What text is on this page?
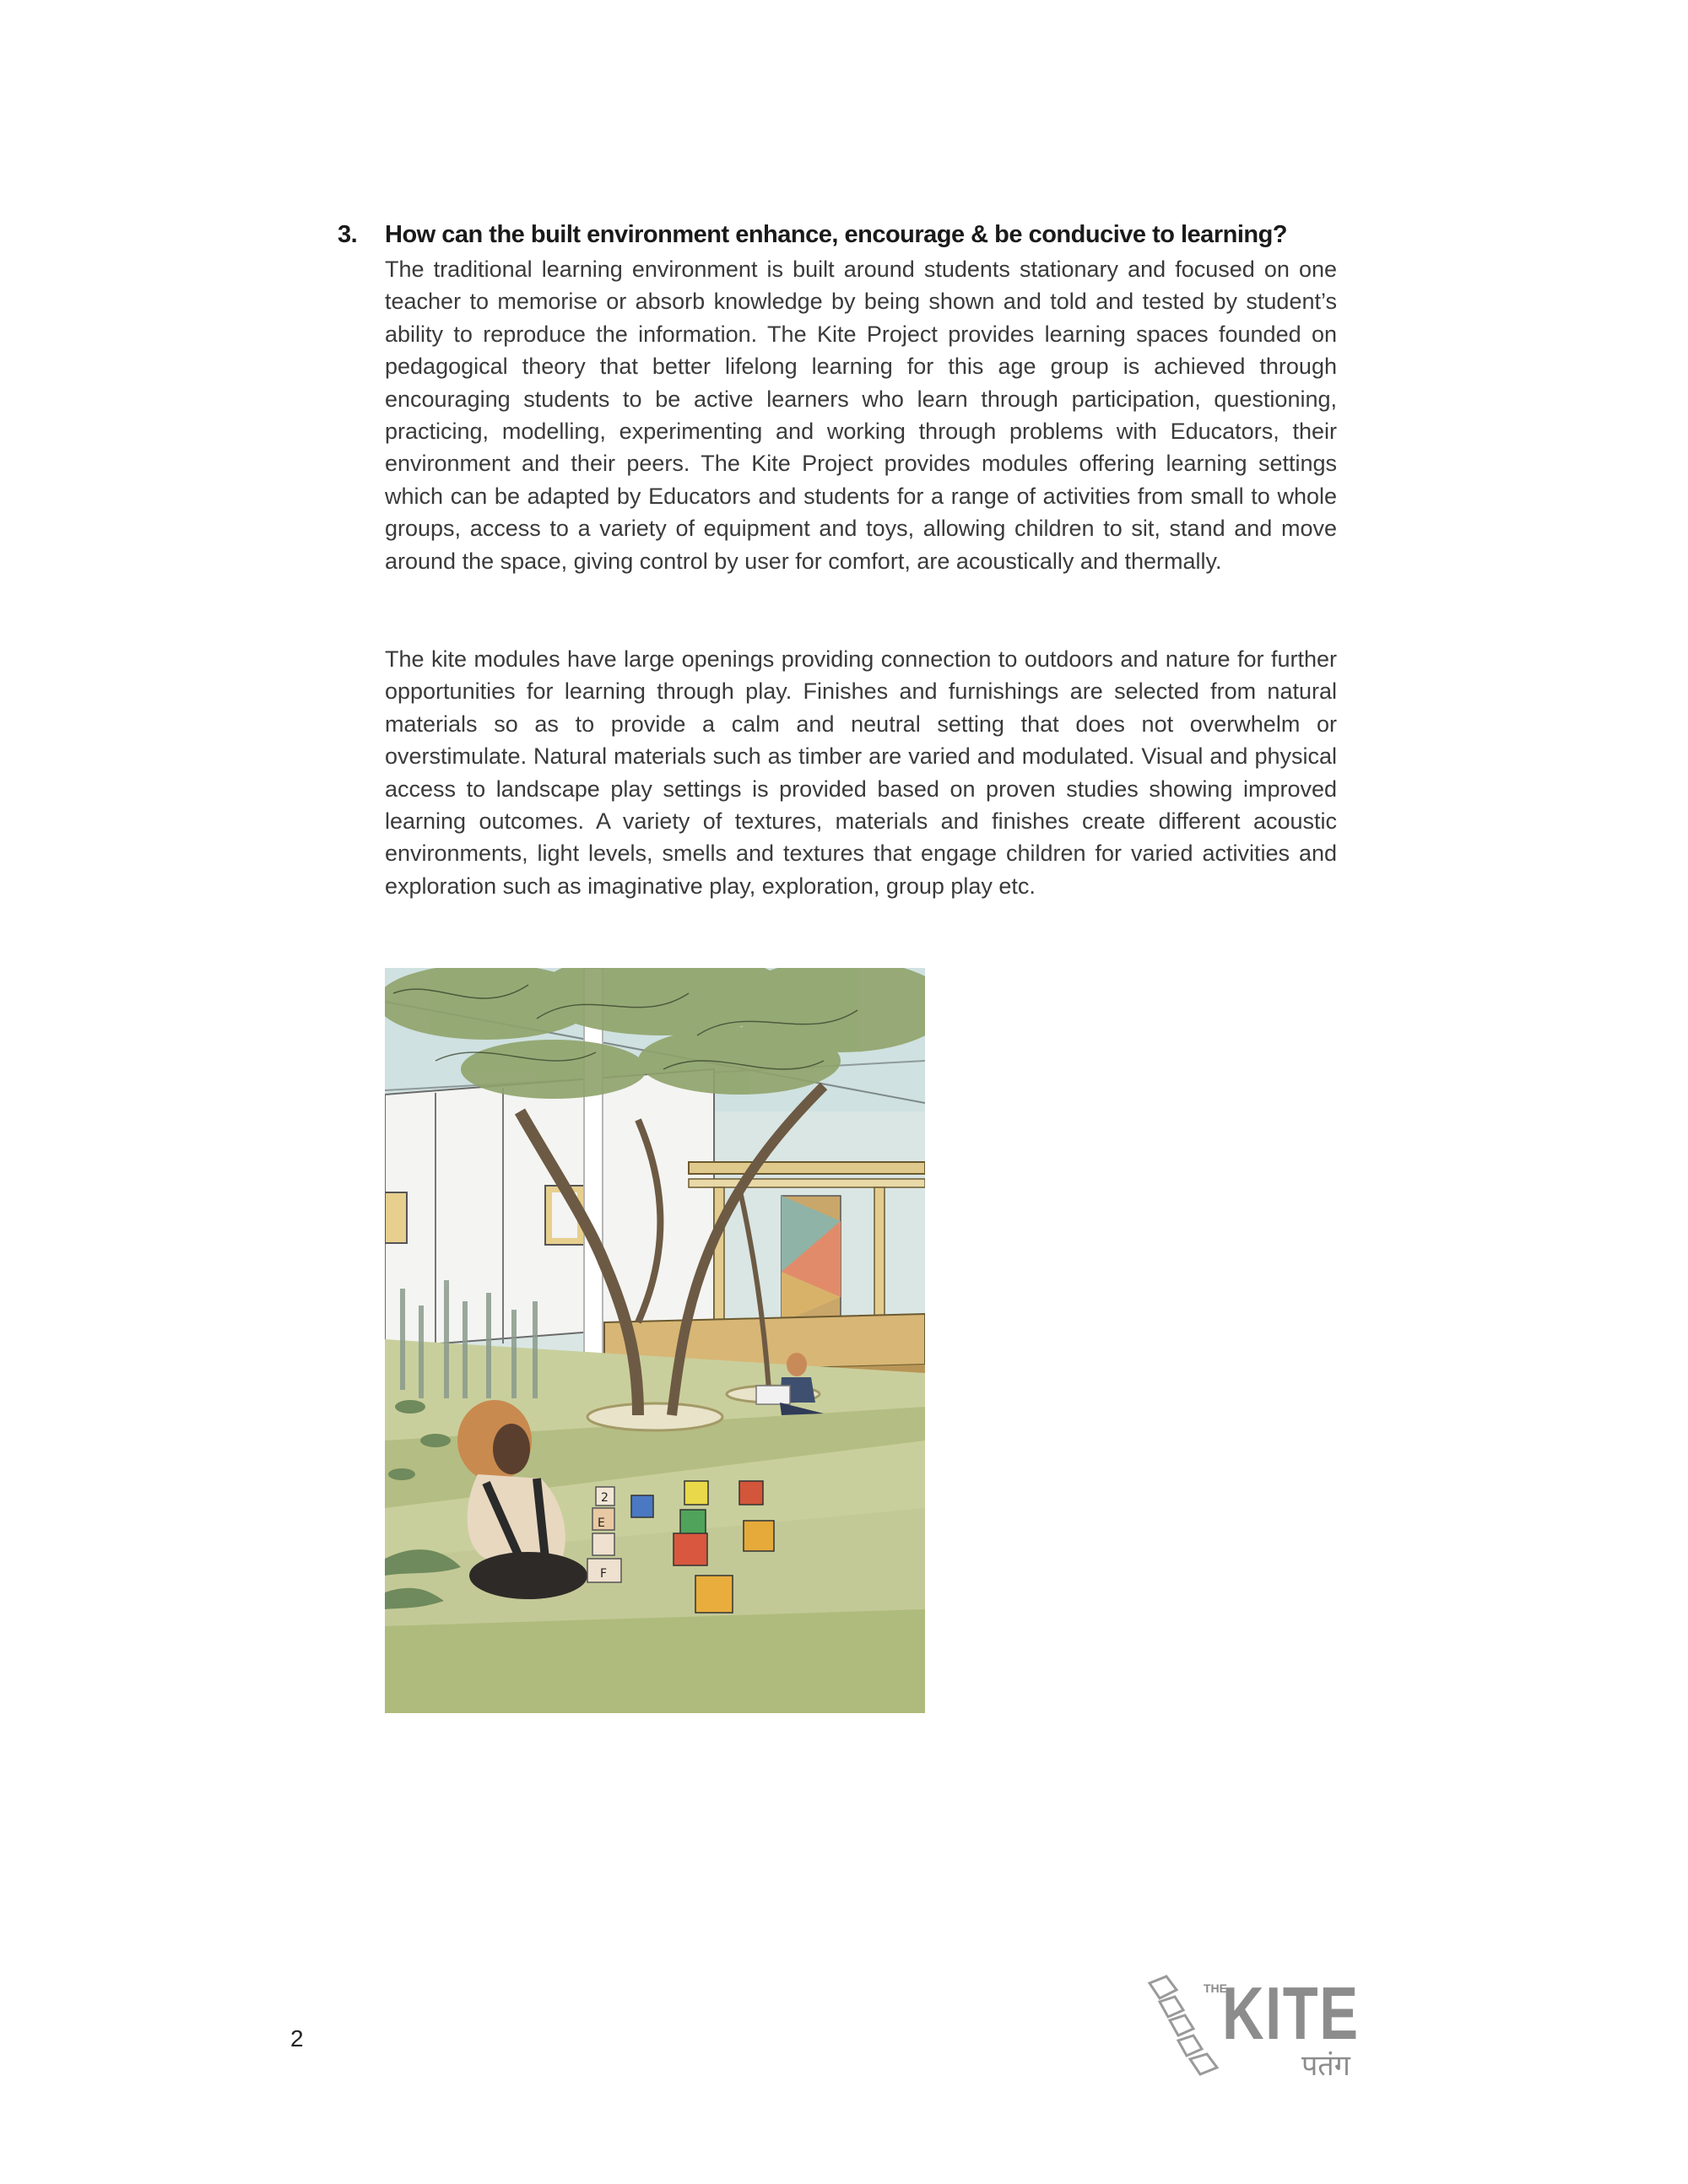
3. How can the built environment enhance, encourage & be conducive to learning?

The traditional learning environment is built around students stationary and focused on one teacher to memorise or absorb knowledge by being shown and told and tested by student’s ability to reproduce the information. The Kite Project provides learning spaces founded on pedagogical theory that better lifelong learning for this age group is achieved through encouraging students to be active learners who learn through participation, questioning, practicing, modelling, experimenting and working through problems with Educators, their environment and their peers. The Kite Project provides modules offering learning settings which can be adapted by Educators and students for a range of activities from small to whole groups, access to a variety of equipment and toys, allowing children to sit, stand and move around the space, giving control by user for comfort, are acoustically and thermally.

The kite modules have large openings providing connection to outdoors and nature for further opportunities for learning through play. Finishes and furnishings are selected from natural materials so as to provide a calm and neutral setting that does not overwhelm or overstimulate. Natural materials such as timber are varied and modulated. Visual and physical access to landscape play settings is provided based on proven studies showing improved learning outcomes. A variety of textures, materials and finishes create different acoustic environments, light levels, smells and textures that engage children for varied activities and exploration such as imaginative play, exploration, group play etc.

2
E
F
2
THE
KITE
पतंग
